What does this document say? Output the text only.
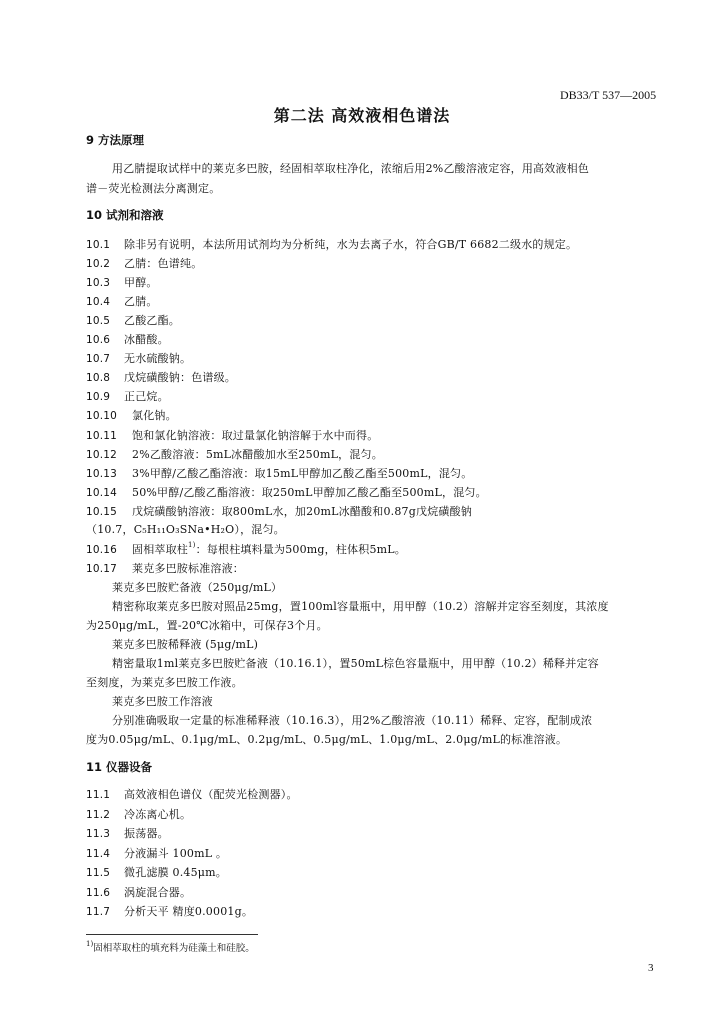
DB33/T 537—2005
第二法 高效液相色谱法
9 方法原理
用乙腈提取试样中的莱克多巴胺，经固相萃取柱净化，浓缩后用2%乙酸溶液定容，用高效液相色
谱－荧光检测法分离测定。
10 试剂和溶液
10.1 除非另有说明，本法所用试剂均为分析纯，水为去离子水，符合GB/T 6682二级水的规定。
10.2 乙腈：色谱纯。
10.3 甲醇。
10.4 乙腈。
10.5 乙酸乙酯。
10.6 冰醋酸。
10.7 无水硫酸钠。
10.8 戊烷磺酸钠：色谱级。
10.9 正己烷。
10.10 氯化钠。
10.11 饱和氯化钠溶液：取过量氯化钠溶解于水中而得。
10.12 2%乙酸溶液：5mL冰醋酸加水至250mL，混匀。
10.13 3%甲醇/乙酸乙酯溶液：取15mL甲醇加乙酸乙酯至500mL，混匀。
10.14 50%甲醇/乙酸乙酯溶液：取250mL甲醇加乙酸乙酯至500mL，混匀。
10.15 戊烷磺酸钠溶液：取800mL水，加20mL冰醋酸和0.87g戊烷磺酸钠
（10.7，C₅H₁₁O₃SNa•H₂O），混匀。
10.16 固相萃取柱$^{1)}$：每根柱填料量为500mg，柱体积5mL。
10.17 莱克多巴胺标准溶液：
莱克多巴胺贮备液（250μg/mL）
精密称取莱克多巴胺对照品25mg，置100ml容量瓶中，用甲醇（10.2）溶解并定容至刻度，其浓度
为250μg/mL，置-20℃冰箱中，可保存3个月。
莱克多巴胺稀释液 (5μg/mL)
精密量取1ml莱克多巴胺贮备液（10.16.1），置50mL棕色容量瓶中，用甲醇（10.2）稀释并定容
至刻度，为莱克多巴胺工作液。
莱克多巴胺工作溶液
分别准确吸取一定量的标准稀释液（10.16.3），用2%乙酸溶液（10.11）稀释、定容，配制成浓
度为0.05μg/mL、0.1μg/mL、0.2μg/mL、0.5μg/mL、1.0μg/mL、2.0μg/mL的标准溶液。
11 仪器设备
11.1 高效液相色谱仪（配荧光检测器）。
11.2 冷冻离心机。
11.3 振荡器。
11.4 分液漏斗 100mL 。
11.5 微孔滤膜 0.45μm。
11.6 涡旋混合器。
11.7 分析天平 精度0.0001g。
$^{1)}$固相萃取柱的填充料为硅藻土和硅胶。
3
